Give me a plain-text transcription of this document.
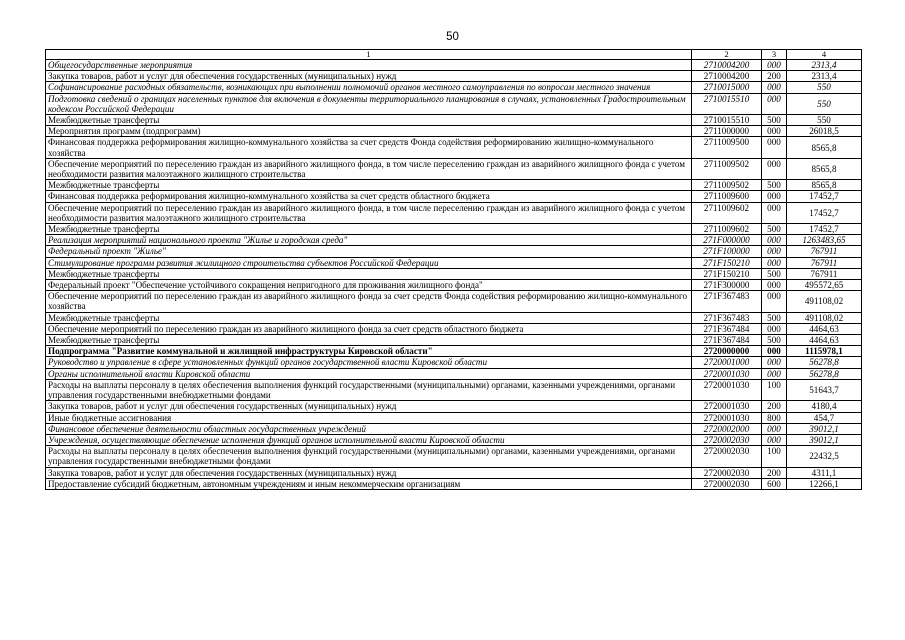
50
1	2	3	4
Общегосударственные мероприятия	2710004200	000	2313,4
Закупка товаров, работ и услуг для обеспечения государственных (муниципальных) нужд	2710004200	200	2313,4
Софинансирование расходных обязательств, возникающих при выполнении полномочий органов местного самоуправления по вопросам местного значения	2710015000	000	550
Подготовка сведений о границах населенных пунктов для включения в документы территориального планирования в случаях, установленных Градостроительным кодексом Российской Федерации	2710015510	000	550
Межбюджетные трансферты	2710015510	500	550
Мероприятия программ (подпрограмм)	2711000000	000	26018,5
Финансовая поддержка реформирования жилищно-коммунального хозяйства за счет средств Фонда содействия реформированию жилищно-коммунального хозяйства	2711009500	000	8565,8
Обеспечение мероприятий по переселению граждан из аварийного жилищного фонда, в том числе переселению граждан из аварийного жилищного фонда с учетом необходимости развития малоэтажного жилищного строительства	2711009502	000	8565,8
Межбюджетные трансферты	2711009502	500	8565,8
Финансовая поддержка реформирования жилищно-коммунального хозяйства за счет средств областного бюджета	2711009600	000	17452,7
Обеспечение мероприятий по переселению граждан из аварийного жилищного фонда, в том числе переселению граждан из аварийного жилищного фонда с учетом необходимости развития малоэтажного жилищного строительства	2711009602	000	17452,7
Межбюджетные трансферты	2711009602	500	17452,7
Реализация мероприятий национального проекта "Жилье и городская среда"	271F000000	000	1263483,65
Федеральный проект "Жилье"	271F100000	000	767911
Стимулирование программ развития жилищного строительства субъектов Российской Федерации	271F150210	000	767911
Межбюджетные трансферты	271F150210	500	767911
Федеральный проект "Обеспечение устойчивого сокращения непригодного для проживания жилищного фонда"	271F300000	000	495572,65
Обеспечение мероприятий по переселению граждан из аварийного жилищного фонда за счет средств Фонда содействия реформированию жилищно-коммунального хозяйства	271F367483	000	491108,02
Межбюджетные трансферты	271F367483	500	491108,02
Обеспечение мероприятий по переселению граждан из аварийного жилищного фонда за счет средств областного бюджета	271F367484	000	4464,63
Межбюджетные трансферты	271F367484	500	4464,63
Подпрограмма "Развитие коммунальной и жилищной инфраструктуры Кировской области"	2720000000	000	1115978,1
Руководство и управление в сфере установленных функций органов государственной власти Кировской области	2720001000	000	56278,8
Органы исполнительной власти Кировской области	2720001030	000	56278,8
Расходы на выплаты персоналу в целях обеспечения выполнения функций государственными (муниципальными) органами, казенными учреждениями, органами управления государственными внебюджетными фондами	2720001030	100	51643,7
Закупка товаров, работ и услуг для обеспечения государственных (муниципальных) нужд	2720001030	200	4180,4
Иные бюджетные ассигнования	2720001030	800	454,7
Финансовое обеспечение деятельности областных государственных учреждений	2720002000	000	39012,1
Учреждения, осуществляющие обеспечение исполнения функций органов исполнительной власти Кировской области	2720002030	000	39012,1
Расходы на выплаты персоналу в целях обеспечения выполнения функций государственными (муниципальными) органами, казенными учреждениями, органами управления государственными внебюджетными фондами	2720002030	100	22432,5
Закупка товаров, работ и услуг для обеспечения государственных (муниципальных) нужд	2720002030	200	4311,1
Предоставление субсидий бюджетным, автономным учреждениям и иным некоммерческим организациям	2720002030	600	12266,1
